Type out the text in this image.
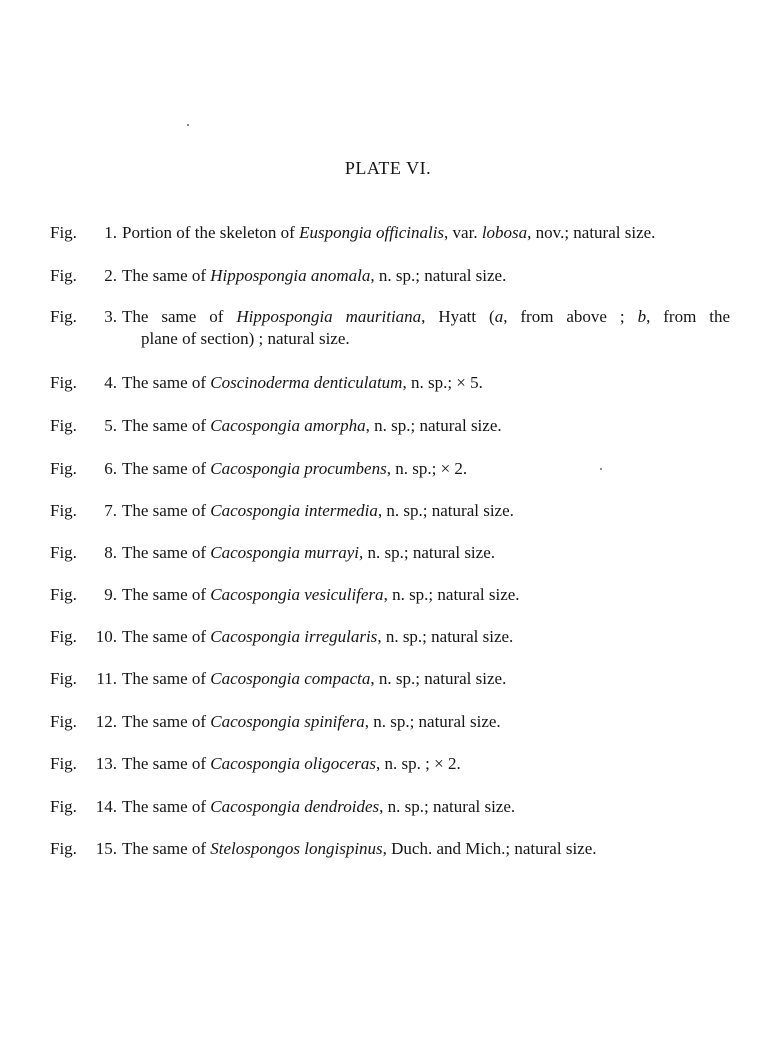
PLATE VI.
Fig. 1. Portion of the skeleton of Euspongia officinalis, var. lobosa, nov.; natural size.
Fig. 2. The same of Hippospongia anomala, n. sp.; natural size.
Fig. 3. The same of Hippospongia mauritiana, Hyatt (a, from above ; b, from the
plane of section) ; natural size.
Fig. 4. The same of Coscinoderma denticulatum, n. sp.; × 5.
Fig. 5. The same of Cacospongia amorpha, n. sp.; natural size.
Fig. 6. The same of Cacospongia procumbens, n. sp.; × 2.
Fig. 7. The same of Cacospongia intermedia, n. sp.; natural size.
Fig. 8. The same of Cacospongia murrayi, n. sp.; natural size.
Fig. 9. The same of Cacospongia vesiculifera, n. sp.; natural size.
Fig. 10. The same of Cacospongia irregularis, n. sp.; natural size.
Fig. 11. The same of Cacospongia compacta, n. sp.; natural size.
Fig. 12. The same of Cacospongia spinifera, n. sp.; natural size.
Fig. 13. The same of Cacospongia oligoceras, n. sp. ; × 2.
Fig. 14. The same of Cacospongia dendroides, n. sp.; natural size.
Fig. 15. The same of Stelospongos longispinus, Duch. and Mich.; natural size.
